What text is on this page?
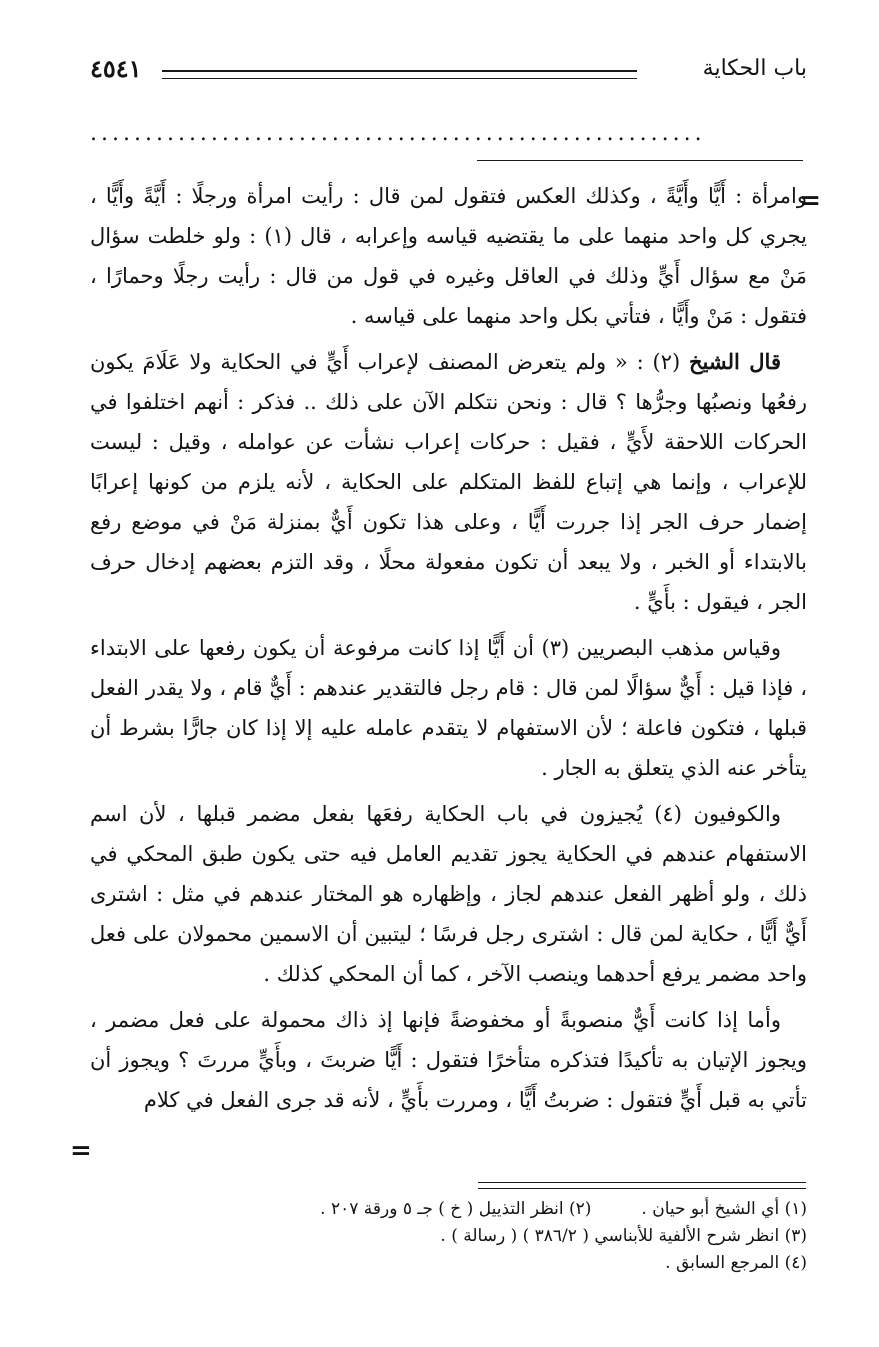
باب الحكاية
٤٥٤١
........................................................
=

وامرأة : أَيًّا وأَيَّةً ، وكذلك العكس فتقول لمن قال : رأيت امرأة ورجلًا : أَيَّةً وأَيًّا ، يجري كل واحد منهما على ما يقتضيه قياسه وإعرابه ، قال (١) : ولو خلطت سؤال مَنْ مع سؤال أَيٍّ وذلك في العاقل وغيره في قول من قال : رأيت رجلًا وحمارًا ، فتقول : مَنْ وأَيًّا ، فتأتي بكل واحد منهما على قياسه .

قال الشيخ (٢) : « ولم يتعرض المصنف لإعراب أَيٍّ في الحكاية ولا عَلَامَ يكون رفعُها ونصبُها وجرُّها ؟ قال : ونحن نتكلم الآن على ذلك .. فذكر : أنهم اختلفوا في الحركات اللاحقة لأَيٍّ ، فقيل : حركات إعراب نشأت عن عوامله ، وقيل : ليست للإعراب ، وإنما هي إتباع للفظ المتكلم على الحكاية ، لأنه يلزم من كونها إعرابًا إضمار حرف الجر إذا جررت أَيًّا ، وعلى هذا تكون أَيٌّ بمنزلة مَنْ في موضع رفع بالابتداء أو الخبر ، ولا يبعد أن تكون مفعولة محلًا ، وقد التزم بعضهم إدخال حرف الجر ، فيقول : بأَيٍّ .

وقياس مذهب البصريين (٣) أن أَيًّا إذا كانت مرفوعة أن يكون رفعها على الابتداء ، فإذا قيل : أَيٌّ سؤالًا لمن قال : قام رجل فالتقدير عندهم : أَيٌّ قام ، ولا يقدر الفعل قبلها ، فتكون فاعلة ؛ لأن الاستفهام لا يتقدم عامله عليه إلا إذا كان جارًّا بشرط أن يتأخر عنه الذي يتعلق به الجار .

والكوفيون (٤) يُجيزون في باب الحكاية رفعَها بفعل مضمر قبلها ، لأن اسم الاستفهام عندهم في الحكاية يجوز تقديم العامل فيه حتى يكون طبق المحكي في ذلك ، ولو أظهر الفعل عندهم لجاز ، وإظهاره هو المختار عندهم في مثل : اشترى أَيٌّ أَيًّا ، حكاية لمن قال : اشترى رجل فرسًا ؛ ليتبين أن الاسمين محمولان على فعل واحد مضمر يرفع أحدهما وينصب الآخر ، كما أن المحكي كذلك .

وأما إذا كانت أَيٌّ منصوبةً أو مخفوضةً فإنها إذ ذاك محمولة على فعل مضمر ، ويجوز الإتيان به تأكيدًا فتذكره متأخرًا فتقول : أَيًّا ضربتَ ، وبأَيٍّ مررتَ ؟ ويجوز أن تأتي به قبل أَيٍّ فتقول : ضربتُ أَيًّا ، ومررت بأَيٍّ ، لأنه قد جرى الفعل في كلام

=
(١) أي الشيخ أبو حيان .
(٢) انظر التذييل ( خ ) جـ ٥ ورقة ٢٠٧ .
(٣) انظر شرح الألفية للأبناسي ( ٣٨٦/٢ ) ( رسالة ) .
(٤) المرجع السابق .
